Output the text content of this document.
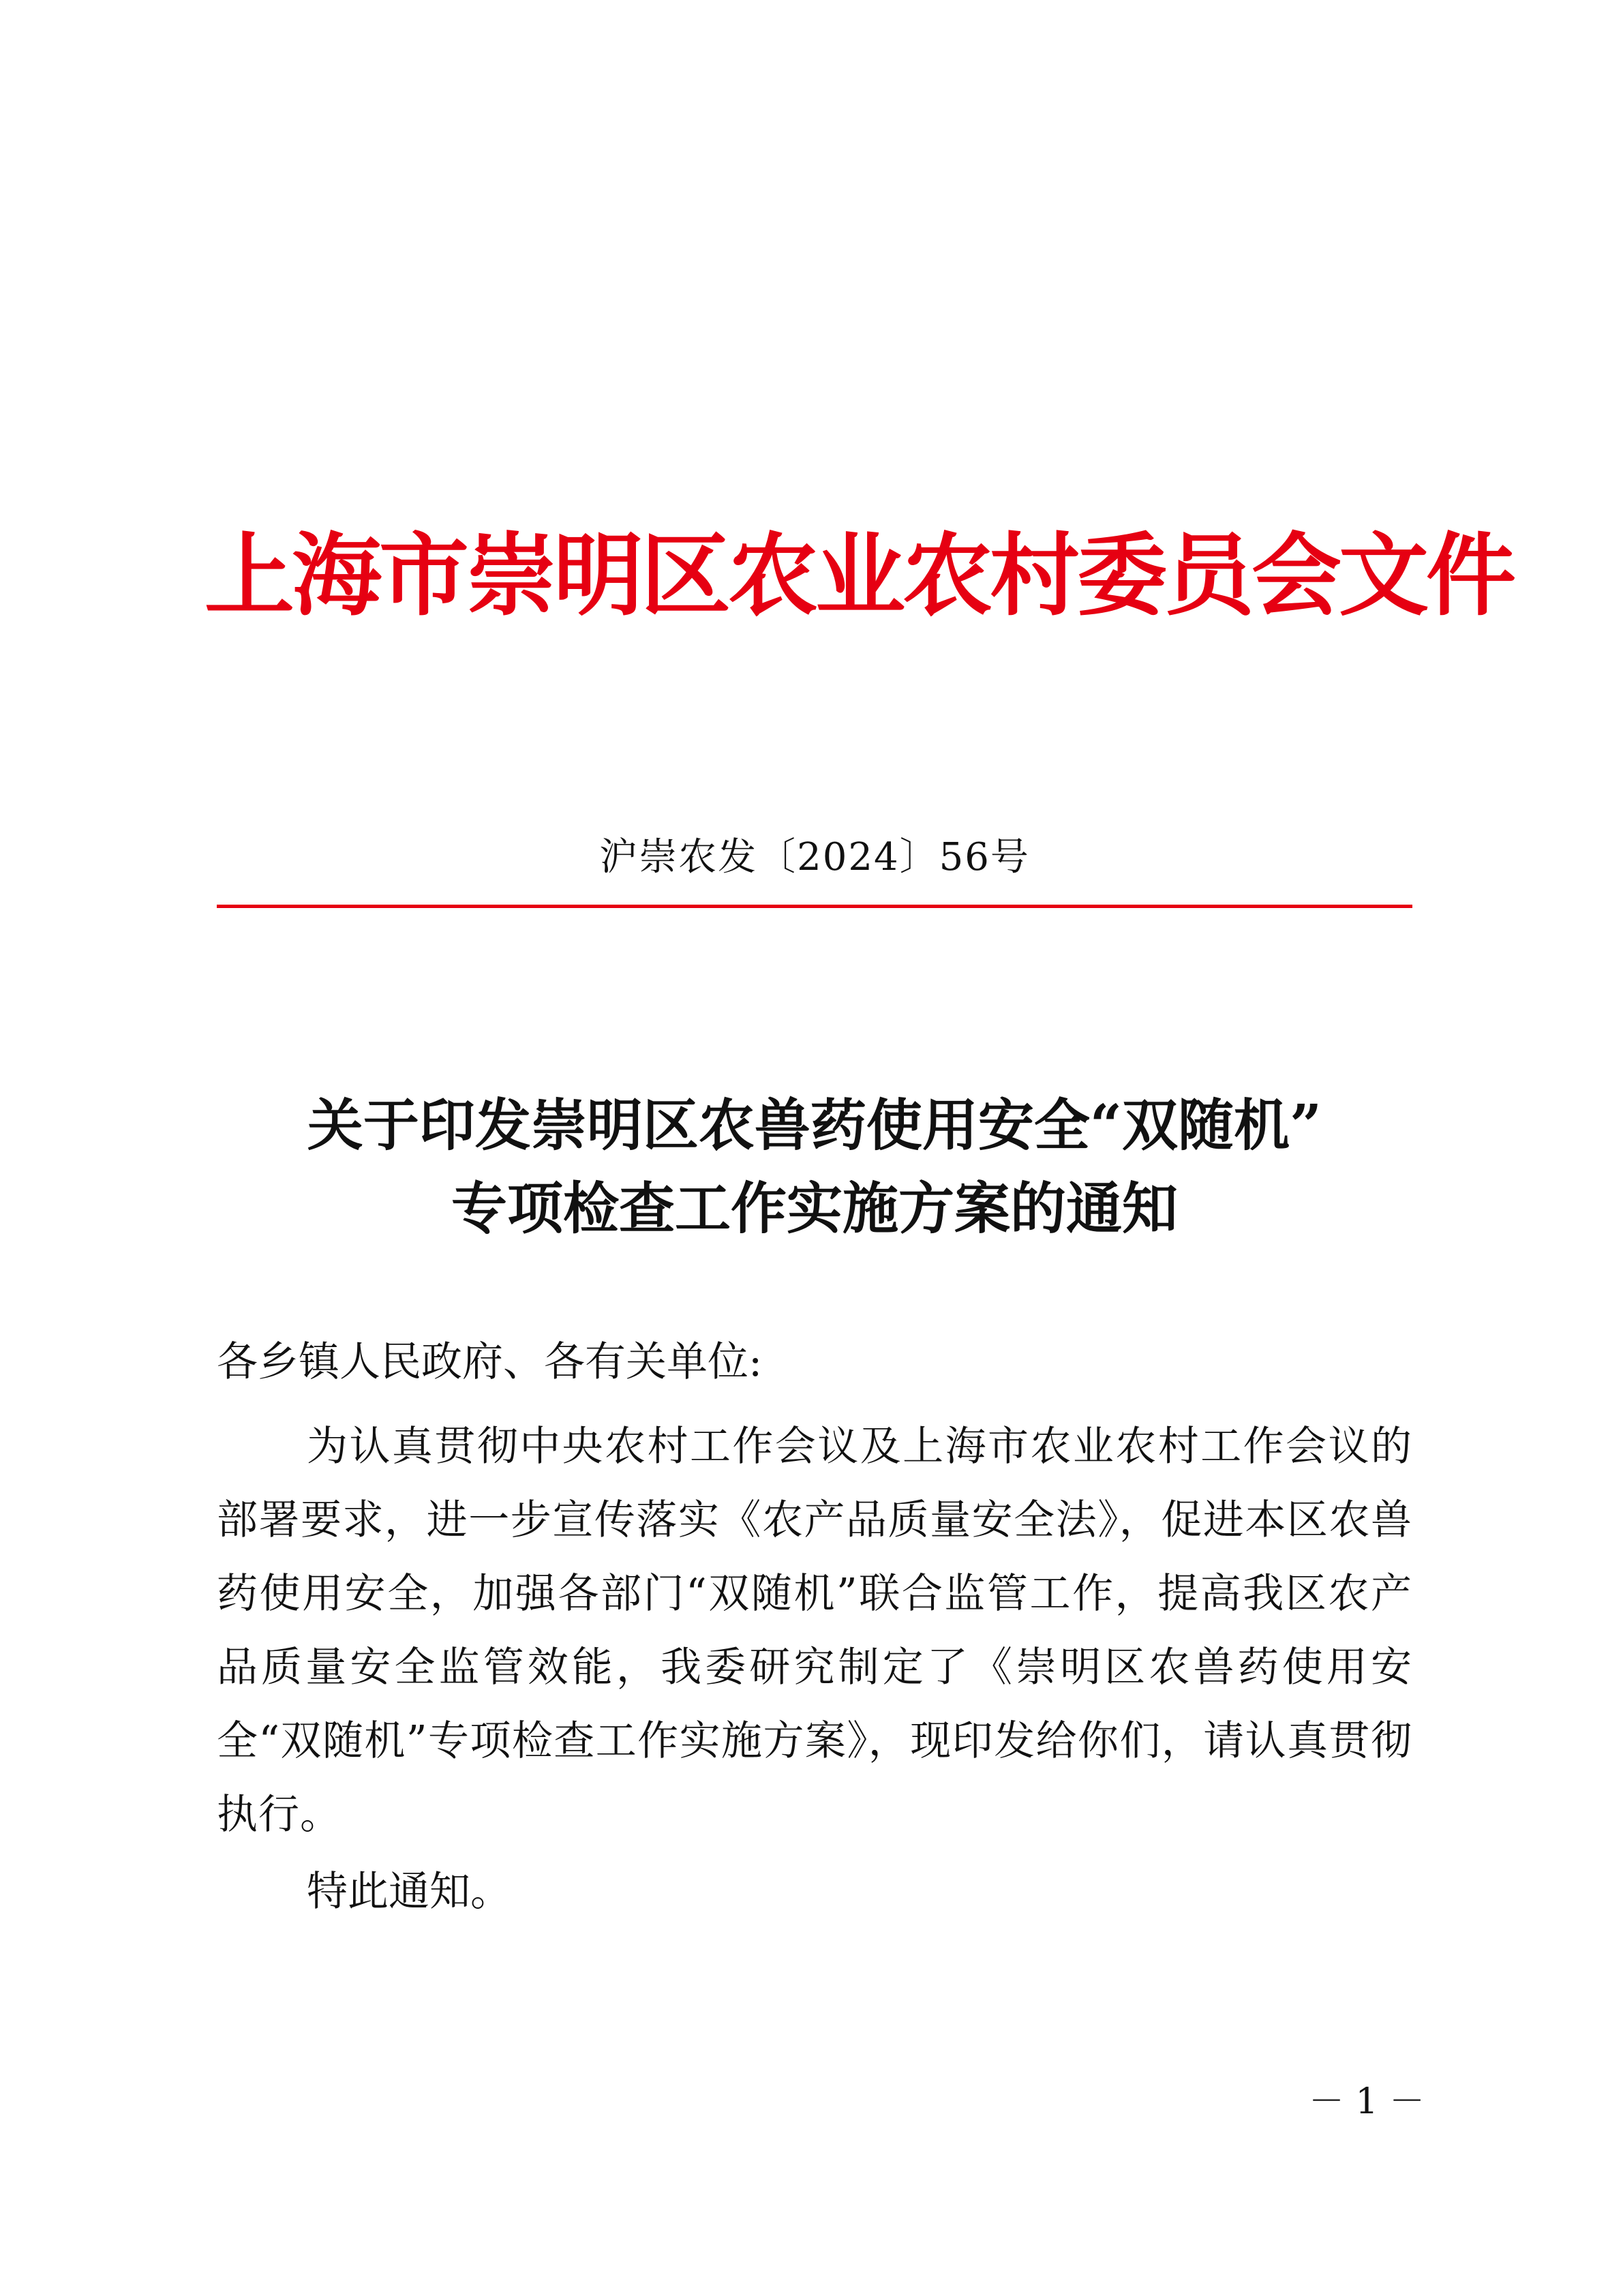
上海市崇明区农业农村委员会文件
沪崇农发〔2024〕56号
关于印发崇明区农兽药使用安全“双随机”
专项检查工作实施方案的通知
各乡镇人民政府、各有关单位:

为认真贯彻中央农村工作会议及上海市农业农村工作会议的部署要求，进一步宣传落实《农产品质量安全法》，促进本区农兽药使用安全，加强各部门“双随机”联合监管工作，提高我区农产品质量安全监管效能，我委研究制定了《崇明区农兽药使用安全“双随机”专项检查工作实施方案》，现印发给你们，请认真贯彻执行。

特此通知。
－ 1 －
